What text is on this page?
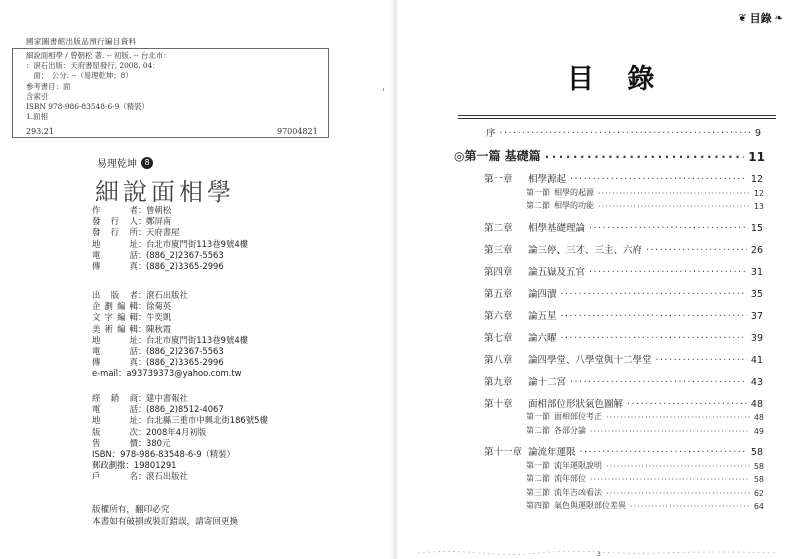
國家圖書館出版品預行編目資料
細說面相學 / 曾朝松 著. -- 初版. -- 台北市：
：滾石出版：天府書屋發行, 2008. 04：
　面；　公分. --（易理乾坤；8）
參考書目：面
含索引
ISBN 978-986-83548-6-9（精裝）
1.面相
293.21	97004821
易理乾坤 8
細說面相學
作　者 ： 曾朝松
發行人 ： 鄭屏南
發行所 ： 天府書屋
地　址 ： 台北市廈門街113巷9號4樓
電　話 ： (886_2)2367-5563
傳　真 ： (886_2)3365-2996
出版者 ： 滾石出版社
企劃編輯 ： 徐菊英
文字編輯 ： 牛奕凱
美術編輯 ： 陳秋霞
地　址 ： 台北市廈門街113巷9號4樓
電　話 ： (886_2)2367-5563
傳　真 ： (886_2)3365-2996
e-mail：a93739373@yahoo.com.tw
經銷商 ： 建中書報社
電　話 ： (886_2)8512-4067
地　址 ： 台北縣三重市中興北街186號5樓
版　次 ： 2008年4月初版
售　價 ： 380元
ISBN：978-986-83548-6-9（精裝）
郵政劃撥：19801291
戶　名 ： 滾石出版社
版權所有，翻印必究
本書如有破損或裝訂錯誤，請寄回更換
❦ 目錄 ❧
目 錄
序 ·····	9
◎第一篇 基礎篇 ·····	11
第一章 相學源起 ·····	12
第一節 相學的起源 ·····	12
第二節 相學的功能 ·····	13
第二章 相學基礎理論 ·····	15
第三章 論三停、三才、三主、六府 ·····	26
第四章 論五嶽及五官 ·····	31
第五章 論四瀆 ·····	35
第六章 論五星 ·····	37
第七章 論六曜 ·····	39
第八章 論四學堂、八學堂與十二學堂 ·····	41
第九章 論十二宮 ·····	43
第十章 面相部位形狀氣色圖解 ·····	48
第一節 面相部位考正 ·····	48
第二節 各部分論 ·····	49
第十一章 論流年運限 ·····	58
第一節 流年運限說明 ·····	58
第二節 流年部位 ·····	58
第三節 流年吉凶看法 ·····	62
第四節 氣色與運限部位差異 ·····	64
3
